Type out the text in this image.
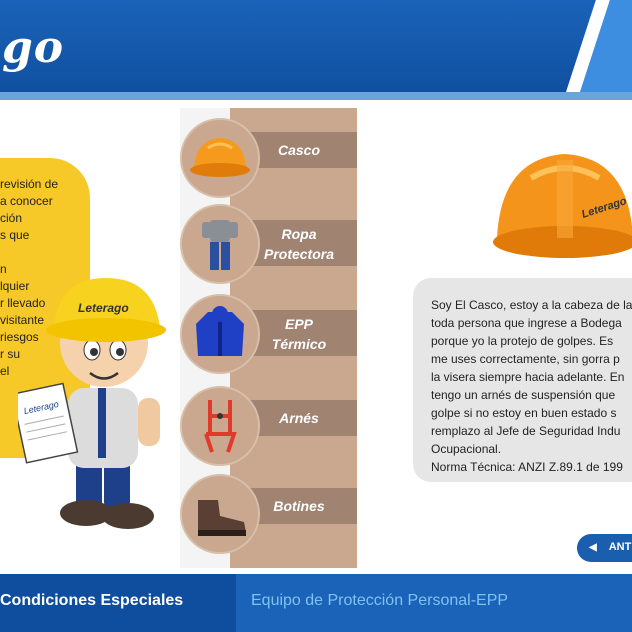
go
revisión de
a conocer
ción
s que

n
lquier
r llevado
visitante
riesgos
r su
el
Leterago
Leterago
Casco
Ropa
Protectora
EPP
Térmico
Arnés
Botines
Leterago
Soy El Casco, estoy a la cabeza de la
toda persona que ingrese a Bodega
porque yo la protejo de golpes. Es
me uses correctamente, sin gorra p
la visera siempre hacia adelante. En
tengo un arnés de suspensión que
golpe si no estoy en buen estado s
remplazo al Jefe de Seguridad Indu
Ocupacional.
Norma Técnica: ANZI Z.89.1 de 199
◀ ANT
Condiciones Especiales	Equipo de Protección Personal-EPP
